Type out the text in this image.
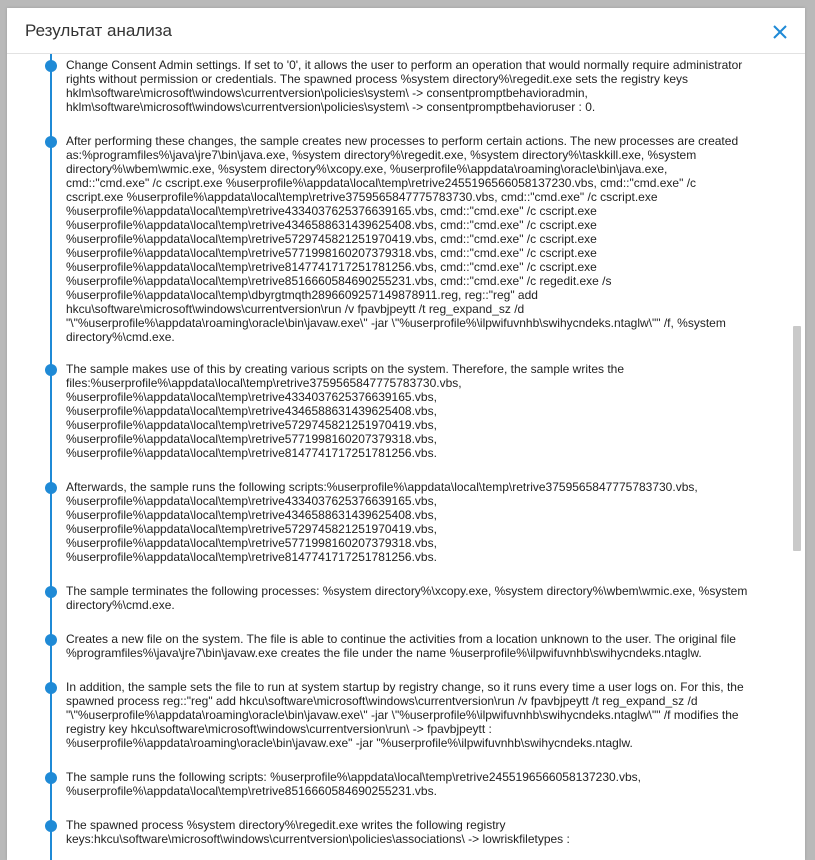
Результат анализа

Change Consent Admin settings. If set to '0', it allows the user to perform an operation that would normally require administrator
rights without permission or credentials. The spawned process %system directory%\regedit.exe sets the registry keys
hklm\software\microsoft\windows\currentversion\policies\system\ -> consentpromptbehavioradmin,
hklm\software\microsoft\windows\currentversion\policies\system\ -> consentpromptbehavioruser : 0.

After performing these changes, the sample creates new processes to perform certain actions. The new processes are created
as:%programfiles%\java\jre7\bin\java.exe, %system directory%\regedit.exe, %system directory%\taskkill.exe, %system
directory%\wbem\wmic.exe, %system directory%\xcopy.exe, %userprofile%\appdata\roaming\oracle\bin\java.exe,
cmd::"cmd.exe" /c cscript.exe %userprofile%\appdata\local\temp\retrive2455196566058137230.vbs, cmd::"cmd.exe" /c
cscript.exe %userprofile%\appdata\local\temp\retrive3759565847775783730.vbs, cmd::"cmd.exe" /c cscript.exe
%userprofile%\appdata\local\temp\retrive4334037625376639165.vbs, cmd::"cmd.exe" /c cscript.exe
%userprofile%\appdata\local\temp\retrive4346588631439625408.vbs, cmd::"cmd.exe" /c cscript.exe
%userprofile%\appdata\local\temp\retrive5729745821251970419.vbs, cmd::"cmd.exe" /c cscript.exe
%userprofile%\appdata\local\temp\retrive5771998160207379318.vbs, cmd::"cmd.exe" /c cscript.exe
%userprofile%\appdata\local\temp\retrive8147741717251781256.vbs, cmd::"cmd.exe" /c cscript.exe
%userprofile%\appdata\local\temp\retrive8516660584690255231.vbs, cmd::"cmd.exe" /c regedit.exe /s
%userprofile%\appdata\local\temp\dbyrgtmqth2896609257149878911.reg, reg::"reg" add
hkcu\software\microsoft\windows\currentversion\run /v fpavbjpeytt /t reg_expand_sz /d
"\"%userprofile%\appdata\roaming\oracle\bin\javaw.exe\" -jar \"%userprofile%\ilpwifuvnhb\swihycndeks.ntaglw\"" /f, %system
directory%\cmd.exe.

The sample makes use of this by creating various scripts on the system. Therefore, the sample writes the
files:%userprofile%\appdata\local\temp\retrive3759565847775783730.vbs,
%userprofile%\appdata\local\temp\retrive4334037625376639165.vbs,
%userprofile%\appdata\local\temp\retrive4346588631439625408.vbs,
%userprofile%\appdata\local\temp\retrive5729745821251970419.vbs,
%userprofile%\appdata\local\temp\retrive5771998160207379318.vbs,
%userprofile%\appdata\local\temp\retrive8147741717251781256.vbs.

Afterwards, the sample runs the following scripts:%userprofile%\appdata\local\temp\retrive3759565847775783730.vbs,
%userprofile%\appdata\local\temp\retrive4334037625376639165.vbs,
%userprofile%\appdata\local\temp\retrive4346588631439625408.vbs,
%userprofile%\appdata\local\temp\retrive5729745821251970419.vbs,
%userprofile%\appdata\local\temp\retrive5771998160207379318.vbs,
%userprofile%\appdata\local\temp\retrive8147741717251781256.vbs.

The sample terminates the following processes: %system directory%\xcopy.exe, %system directory%\wbem\wmic.exe, %system
directory%\cmd.exe.

Creates a new file on the system. The file is able to continue the activities from a location unknown to the user. The original file
%programfiles%\java\jre7\bin\javaw.exe creates the file under the name %userprofile%\ilpwifuvnhb\swihycndeks.ntaglw.

In addition, the sample sets the file to run at system startup by registry change, so it runs every time a user logs on. For this, the
spawned process reg::"reg" add hkcu\software\microsoft\windows\currentversion\run /v fpavbjpeytt /t reg_expand_sz /d
"\"%userprofile%\appdata\roaming\oracle\bin\javaw.exe\" -jar \"%userprofile%\ilpwifuvnhb\swihycndeks.ntaglw\"" /f modifies the
registry key hkcu\software\microsoft\windows\currentversion\run\ -> fpavbjpeytt :
%userprofile%\appdata\roaming\oracle\bin\javaw.exe" -jar "%userprofile%\ilpwifuvnhb\swihycndeks.ntaglw.

The sample runs the following scripts: %userprofile%\appdata\local\temp\retrive2455196566058137230.vbs,
%userprofile%\appdata\local\temp\retrive8516660584690255231.vbs.

The spawned process %system directory%\regedit.exe writes the following registry
keys:hkcu\software\microsoft\windows\currentversion\policies\associations\ -> lowriskfiletypes :
